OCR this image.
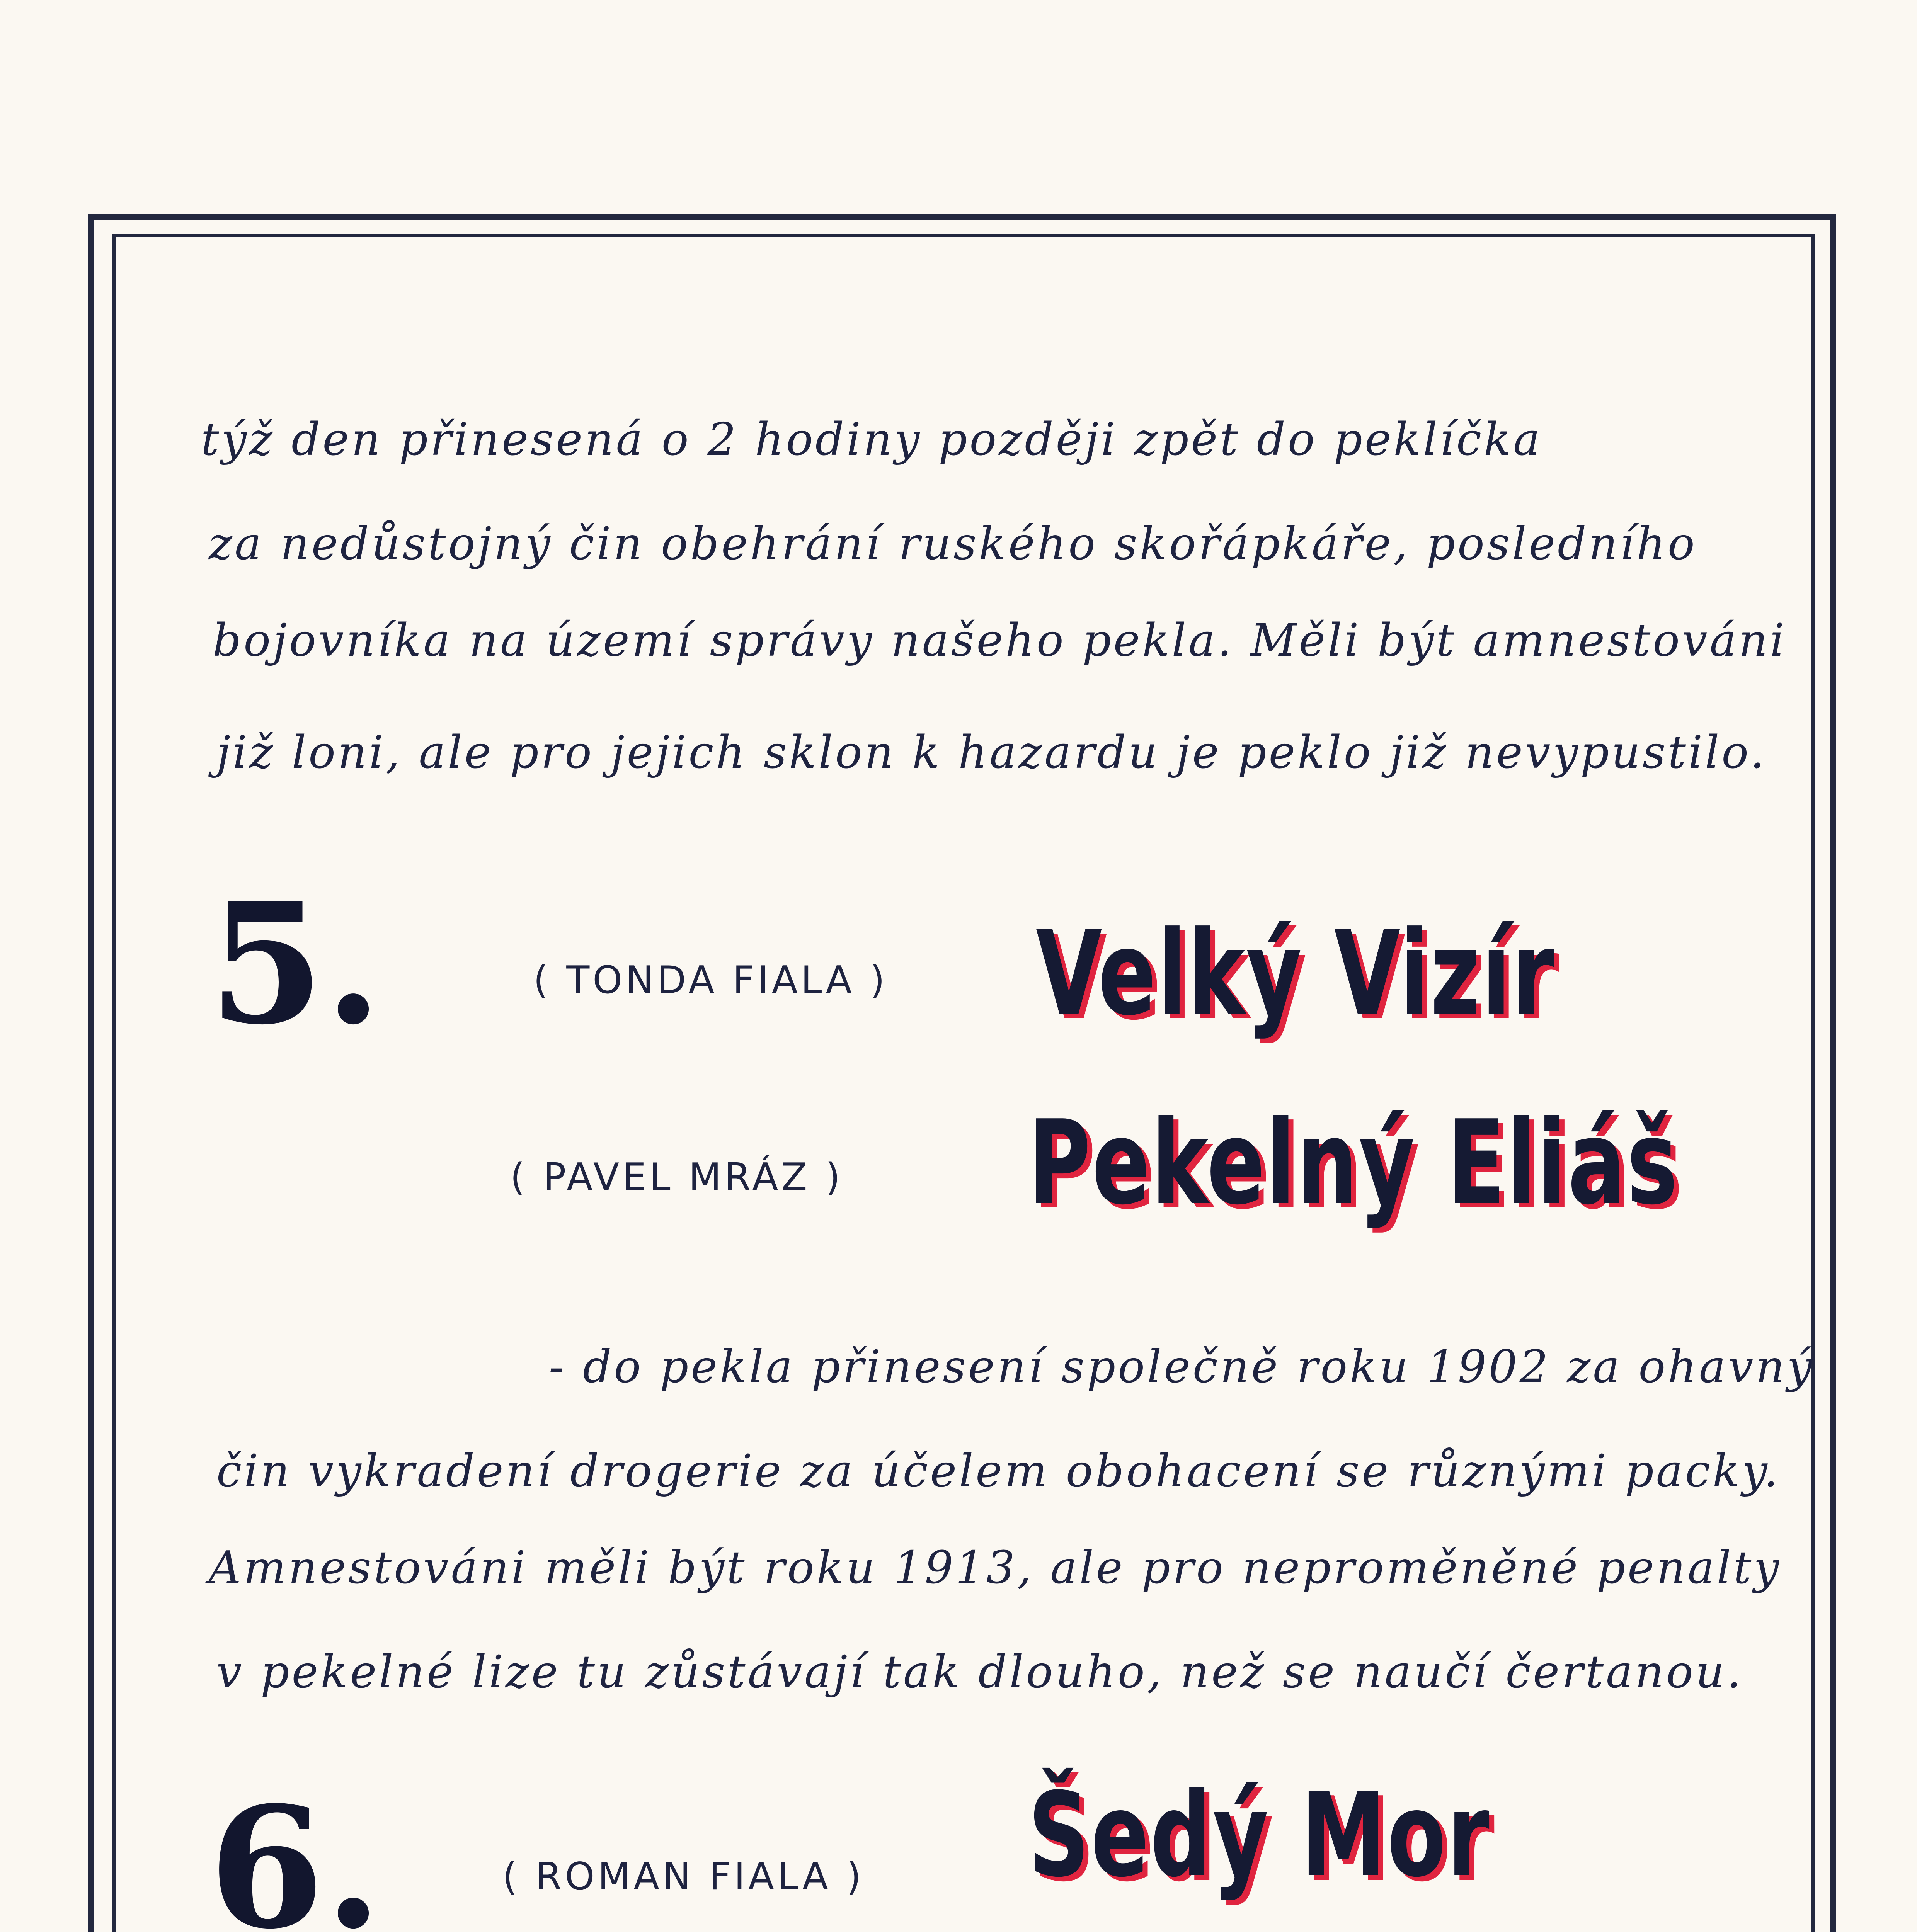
týž den přinesená o 2 hodiny později zpět do peklíčka
za nedůstojný čin obehrání ruského skořápkáře, posledního
bojovníka na území správy našeho pekla. Měli být amnestováni
již loni, ale pro jejich sklon k hazardu je peklo již nevypustilo.
5.	( TONDA FIALA )
( PAVEL MRÁZ )
Velký Vizír
Pekelný Eliáš
- do pekla přinesení společně roku 1902 za ohavný
čin vykradení drogerie za účelem obohacení se různými packy.
Amnestováni měli být roku 1913, ale pro neproměněné penalty
v pekelné lize tu zůstávají tak dlouho, než se naučí čertanou.
6.	( ROMAN FIALA ) Šedý Mor
